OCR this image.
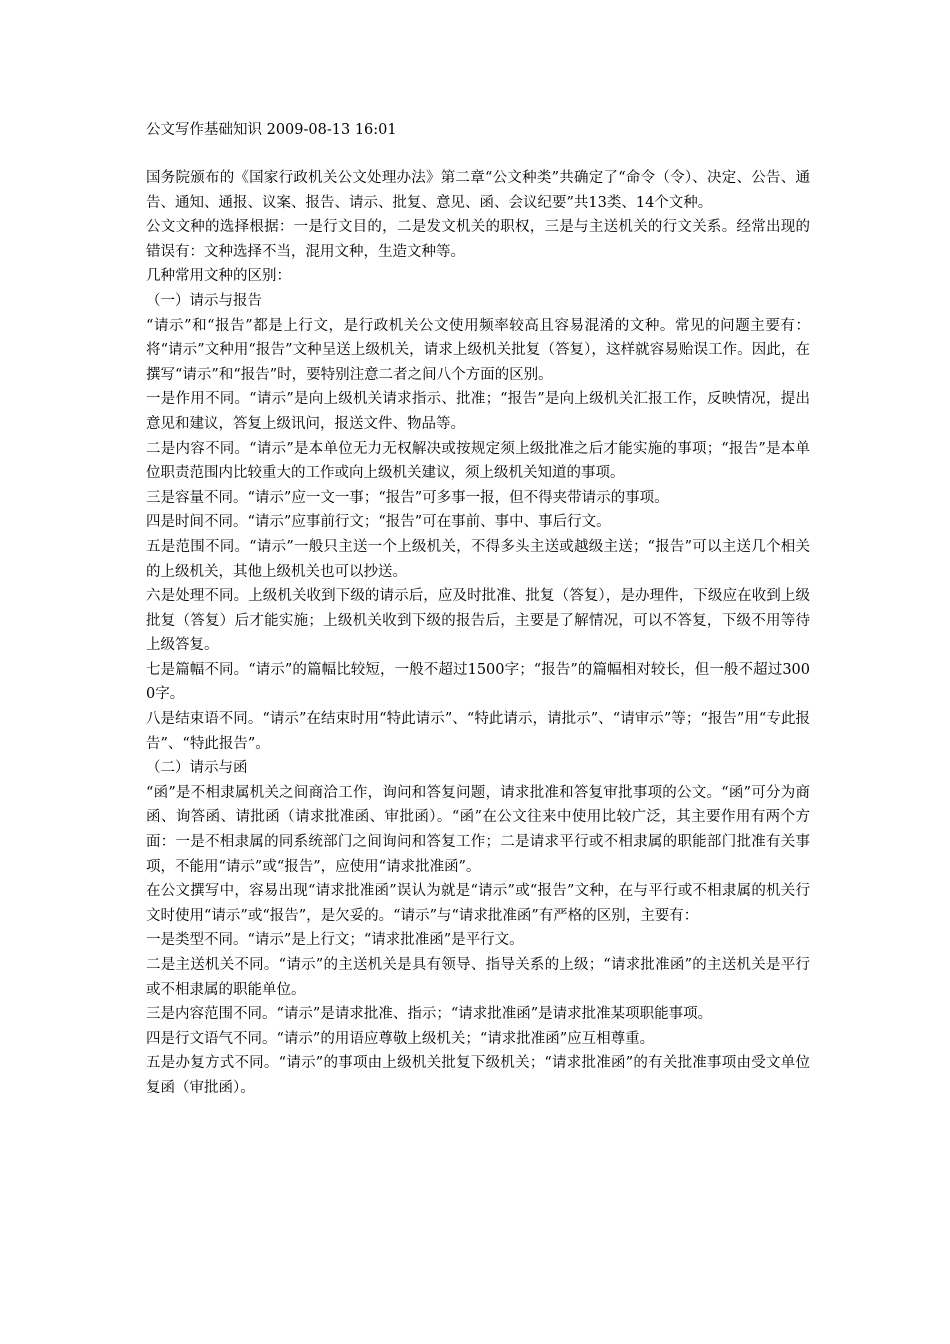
公文写作基础知识 2009-08-13 16:01

国务院颁布的《国家行政机关公文处理办法》第二章“公文种类”共确定了“命令（令）、决定、公告、通告、通知、通报、议案、报告、请示、批复、意见、函、会议纪要”共13类、14个文种。

公文文种的选择根据：一是行文目的，二是发文机关的职权，三是与主送机关的行文关系。经常出现的错误有：文种选择不当，混用文种，生造文种等。

几种常用文种的区别：

（一）请示与报告

“请示”和“报告”都是上行文，是行政机关公文使用频率较高且容易混淆的文种。常见的问题主要有：将“请示”文种用“报告”文种呈送上级机关，请求上级机关批复（答复），这样就容易贻误工作。因此，在撰写“请示”和“报告”时，要特别注意二者之间八个方面的区别。

一是作用不同。“请示”是向上级机关请求指示、批准；“报告”是向上级机关汇报工作，反映情况，提出意见和建议，答复上级讯问，报送文件、物品等。

二是内容不同。“请示”是本单位无力无权解决或按规定须上级批准之后才能实施的事项；“报告”是本单位职责范围内比较重大的工作或向上级机关建议，须上级机关知道的事项。

三是容量不同。“请示”应一文一事；“报告”可多事一报，但不得夹带请示的事项。

四是时间不同。“请示”应事前行文；“报告”可在事前、事中、事后行文。

五是范围不同。“请示”一般只主送一个上级机关，不得多头主送或越级主送；“报告”可以主送几个相关的上级机关，其他上级机关也可以抄送。

六是处理不同。上级机关收到下级的请示后，应及时批准、批复（答复），是办理件，下级应在收到上级批复（答复）后才能实施；上级机关收到下级的报告后，主要是了解情况，可以不答复，下级不用等待上级答复。

七是篇幅不同。“请示”的篇幅比较短，一般不超过1500字；“报告”的篇幅相对较长，但一般不超过3000字。

八是结束语不同。“请示”在结束时用“特此请示”、“特此请示，请批示”、“请审示”等；“报告”用“专此报告”、“特此报告”。

（二）请示与函

“函”是不相隶属机关之间商洽工作，询问和答复问题，请求批准和答复审批事项的公文。“函”可分为商函、询答函、请批函（请求批准函、审批函）。“函”在公文往来中使用比较广泛，其主要作用有两个方面：一是不相隶属的同系统部门之间询问和答复工作；二是请求平行或不相隶属的职能部门批准有关事项，不能用“请示”或“报告”，应使用“请求批准函”。

在公文撰写中，容易出现“请求批准函”误认为就是“请示”或“报告”文种，在与平行或不相隶属的机关行文时使用“请示”或“报告”，是欠妥的。“请示”与“请求批准函”有严格的区别，主要有：

一是类型不同。“请示”是上行文；“请求批准函”是平行文。

二是主送机关不同。“请示”的主送机关是具有领导、指导关系的上级；“请求批准函”的主送机关是平行或不相隶属的职能单位。

三是内容范围不同。“请示”是请求批准、指示；“请求批准函”是请求批准某项职能事项。

四是行文语气不同。“请示”的用语应尊敬上级机关；“请求批准函”应互相尊重。

五是办复方式不同。“请示”的事项由上级机关批复下级机关；“请求批准函”的有关批准事项由受文单位复函（审批函）。
